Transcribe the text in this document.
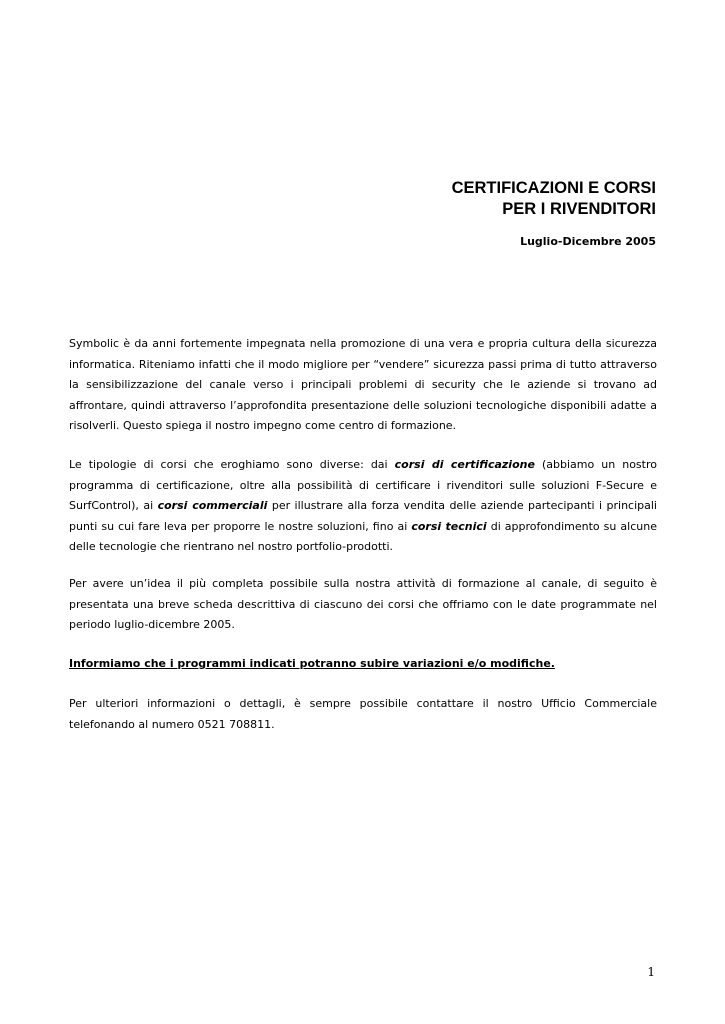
CERTIFICAZIONI E CORSI
PER I RIVENDITORI
Luglio-Dicembre 2005
Symbolic è da anni fortemente impegnata nella promozione di una vera e propria cultura della sicurezza informatica. Riteniamo infatti che il modo migliore per “vendere” sicurezza passi prima di tutto attraverso la sensibilizzazione del canale verso i principali problemi di security che le aziende si trovano ad affrontare, quindi attraverso l’approfondita presentazione delle soluzioni tecnologiche disponibili adatte a risolverli. Questo spiega il nostro impegno come centro di formazione.
Le tipologie di corsi che eroghiamo sono diverse: dai corsi di certificazione (abbiamo un nostro programma di certificazione, oltre alla possibilità di certificare i rivenditori sulle soluzioni F-Secure e SurfControl), ai corsi commerciali per illustrare alla forza vendita delle aziende partecipanti i principali punti su cui fare leva per proporre le nostre soluzioni, fino ai corsi tecnici di approfondimento su alcune delle tecnologie che rientrano nel nostro portfolio-prodotti.
Per avere un’idea il più completa possibile sulla nostra attività di formazione al canale, di seguito è presentata una breve scheda descrittiva di ciascuno dei corsi che offriamo con le date programmate nel periodo luglio-dicembre 2005.
Informiamo che i programmi indicati potranno subire variazioni e/o modifiche.
Per ulteriori informazioni o dettagli, è sempre possibile contattare il nostro Ufficio Commerciale telefonando al numero 0521 708811.
1
